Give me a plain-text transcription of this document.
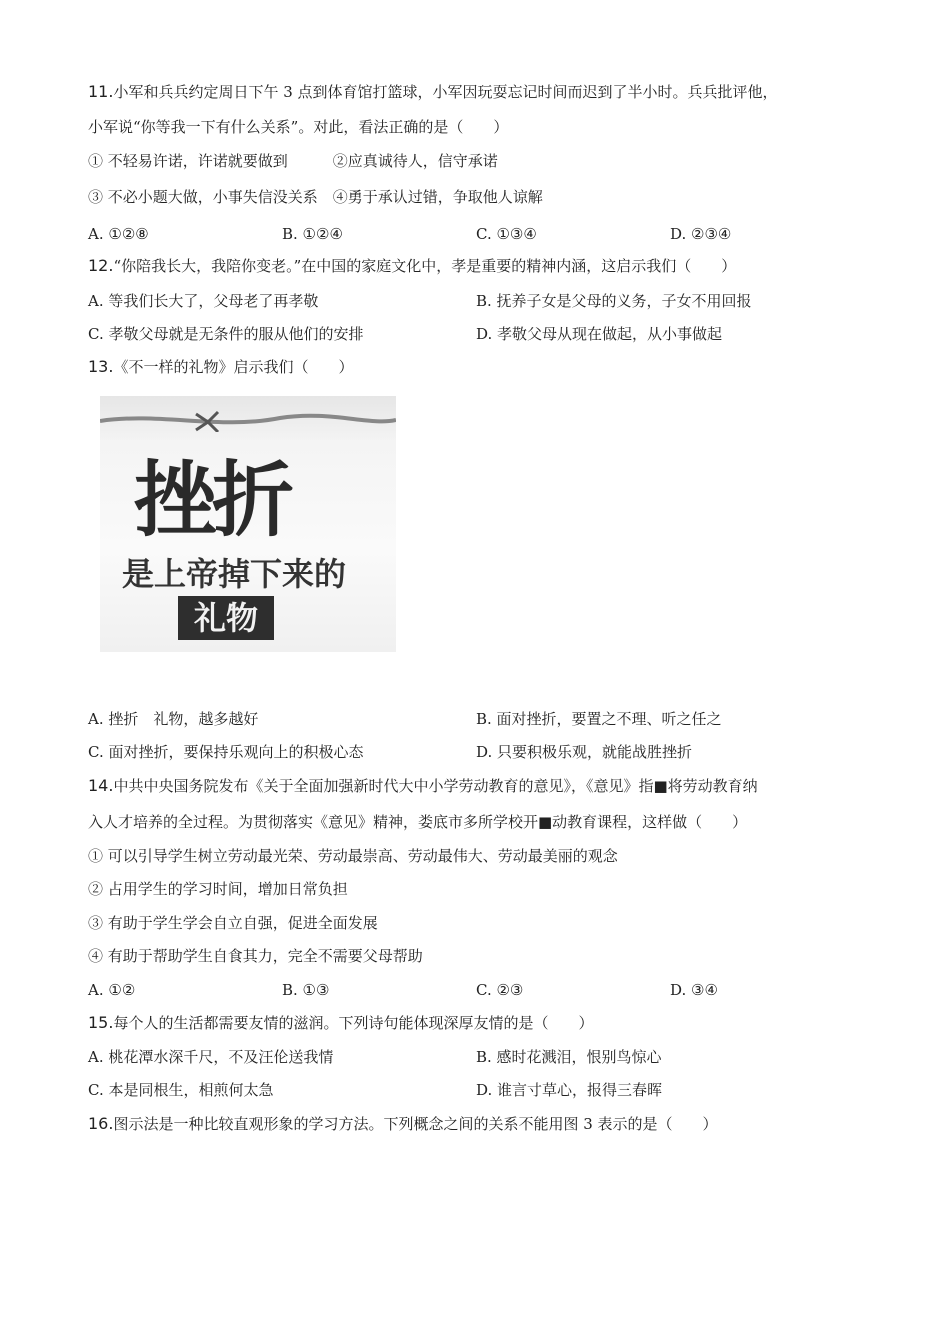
11.小军和兵兵约定周日下午 3 点到体育馆打篮球，小军因玩耍忘记时间而迟到了半小时。兵兵批评他，
小军说“你等我一下有什么关系”。对此，看法正确的是（　　）
① 不轻易许诺，许诺就要做到　　　②应真诚待人，信守承诺
③ 不必小题大做，小事失信没关系　④勇于承认过错，争取他人谅解
A. ①②⑧	B. ①②④	C. ①③④	D. ②③④
12.“你陪我长大，我陪你变老。”在中国的家庭文化中，孝是重要的精神内涵，这启示我们（　　）
A. 等我们长大了，父母老了再孝敬	B. 抚养子女是父母的义务，子女不用回报
C. 孝敬父母就是无条件的服从他们的安排	D. 孝敬父母从现在做起，从小事做起
13.《不一样的礼物》启示我们（　　）
挫折
是上帝掉下来的
礼物
A. 挫折　礼物，越多越好	B. 面对挫折，要置之不理、听之任之
C. 面对挫折，要保持乐观向上的积极心态	D. 只要积极乐观，就能战胜挫折
14.中共中央国务院发布《关于全面加强新时代大中小学劳动教育的意见》，《意见》指■将劳动教育纳
入人才培养的全过程。为贯彻落实《意见》精神，娄底市多所学校开■动教育课程，这样做（　　）
① 可以引导学生树立劳动最光荣、劳动最崇高、劳动最伟大、劳动最美丽的观念
② 占用学生的学习时间，增加日常负担
③ 有助于学生学会自立自强，促进全面发展
④ 有助于帮助学生自食其力，完全不需要父母帮助
A. ①②	B. ①③	C. ②③	D. ③④
15.每个人的生活都需要友情的滋润。下列诗句能体现深厚友情的是（　　）
A. 桃花潭水深千尺，不及汪伦送我情	B. 感时花溅泪，恨别鸟惊心
C. 本是同根生，相煎何太急	D. 谁言寸草心，报得三春晖
16.图示法是一种比较直观形象的学习方法。下列概念之间的关系不能用图 3 表示的是（　　）
